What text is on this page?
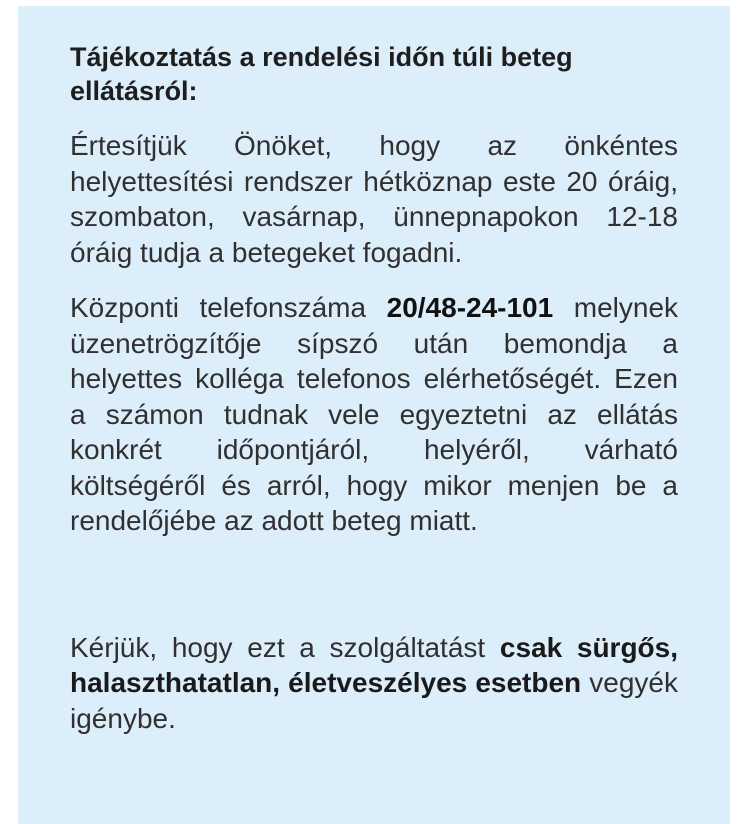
Tájékoztatás a rendelési időn túli beteg ellátásról:
Értesítjük Önöket, hogy az önkéntes helyettesítési rendszer hétköznap este 20 óráig, szombaton, vasárnap, ünnepnapokon 12-18 óráig tudja a betegeket fogadni.
Központi telefonszáma 20/48-24-101 melynek üzenetrögzítője sípszó után bemondja a helyettes kolléga telefonos elérhetőségét. Ezen a számon tudnak vele egyeztetni az ellátás konkrét időpontjáról, helyéről, várható költségéről és arról, hogy mikor menjen be a rendelőjébe az adott beteg miatt.
Kérjük, hogy ezt a szolgáltatást csak sürgős, halaszthatatlan, életveszélyes esetben vegyék igénybe.
